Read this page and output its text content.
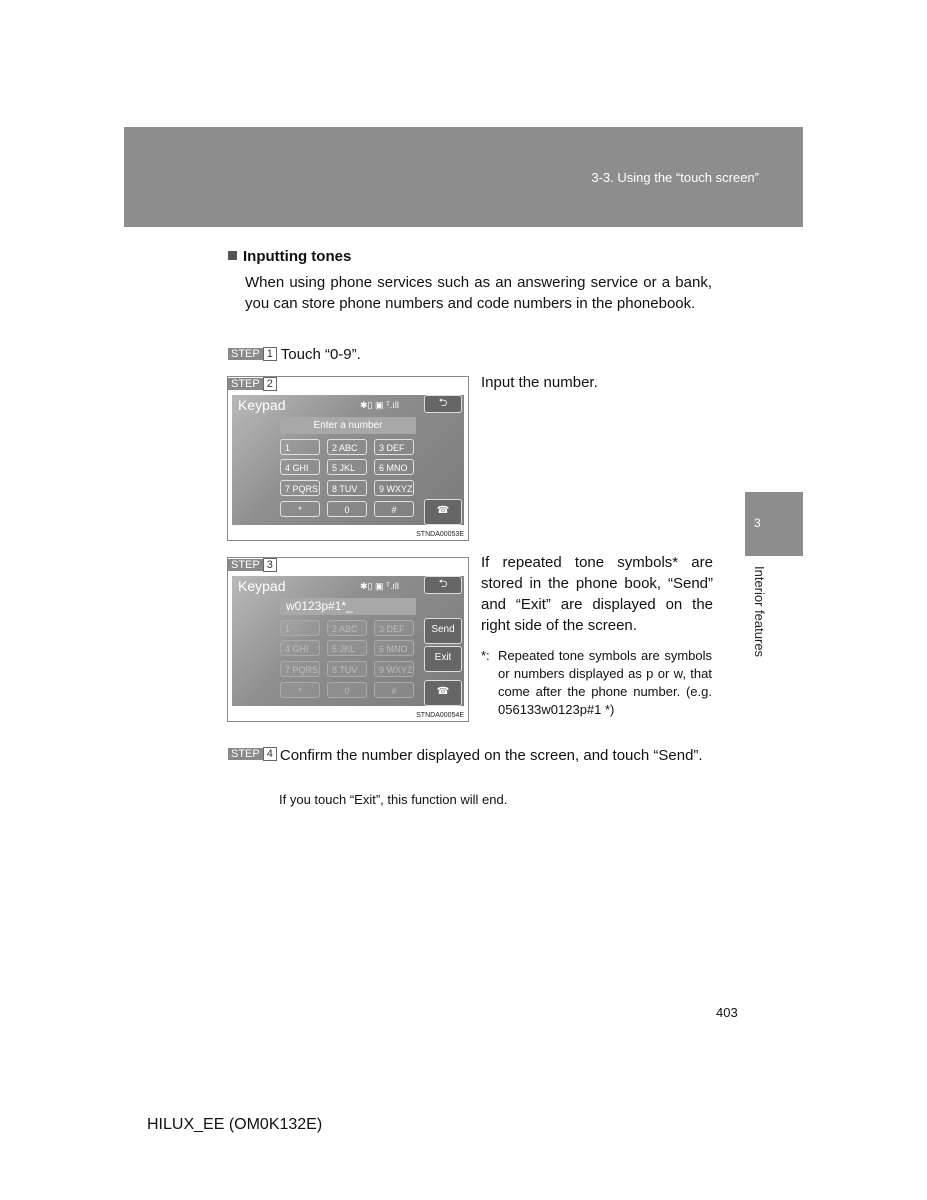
3-3. Using the “touch screen”
3
Interior features
Inputting tones
When using phone services such as an answering service or a bank, you can store phone numbers and code numbers in the phonebook.
STEP 1 Touch “0-9”.
STEP 2
Keypad	✱▯ ▣ ᵀ.ıll	⮌
Enter a number
1	2 ABC	3 DEF
4 GHI	5 JKL	6 MNO
7 PQRS	8 TUV	9 WXYZ
*	0	#	☎
STNDA00053E
Input the number.
STEP 3
Keypad	✱▯ ▣ ᵀ.ıll	⮌
w0123p#1*_
1	2 ABC	3 DEF
4 GHI	5 JKL	6 MNO
7 PQRS	8 TUV	9 WXYZ
*	0	#
Send
Exit
☎
STNDA00054E
If repeated tone symbols* are stored in the phone book, “Send” and “Exit” are displayed on the right side of the screen.
*: Repeated tone symbols are symbols or numbers displayed as p or w, that come after the phone number. (e.g. 056133w0123p#1 *)
STEP 4 Confirm the number displayed on the screen, and touch “Send”.
If you touch “Exit”, this function will end.
403
HILUX_EE (OM0K132E)
